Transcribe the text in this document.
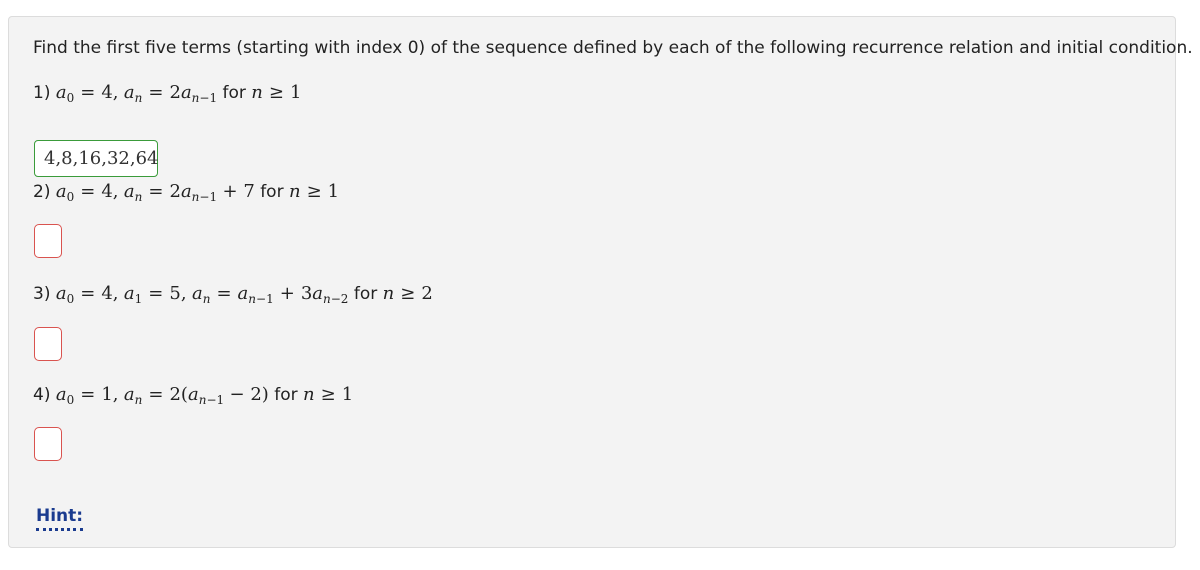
Find the first five terms (starting with index 0) of the sequence defined by each of the following recurrence relation and initial condition.
1) $a_0 = 4$, $a_n = 2a_{n-1}$ for n ≥ 1
4,8,16,32,64
2) $a_0 = 4$, $a_n = 2a_{n-1} + 7$ for n ≥ 1
3) $a_0 = 4$, $a_1 = 5$, $a_n = a_{n-1} + 3a_{n-2}$ for n ≥ 2
4) $a_0 = 1$, $a_n = 2(a_{n-1} - 2)$ for n ≥ 1
Hint:
